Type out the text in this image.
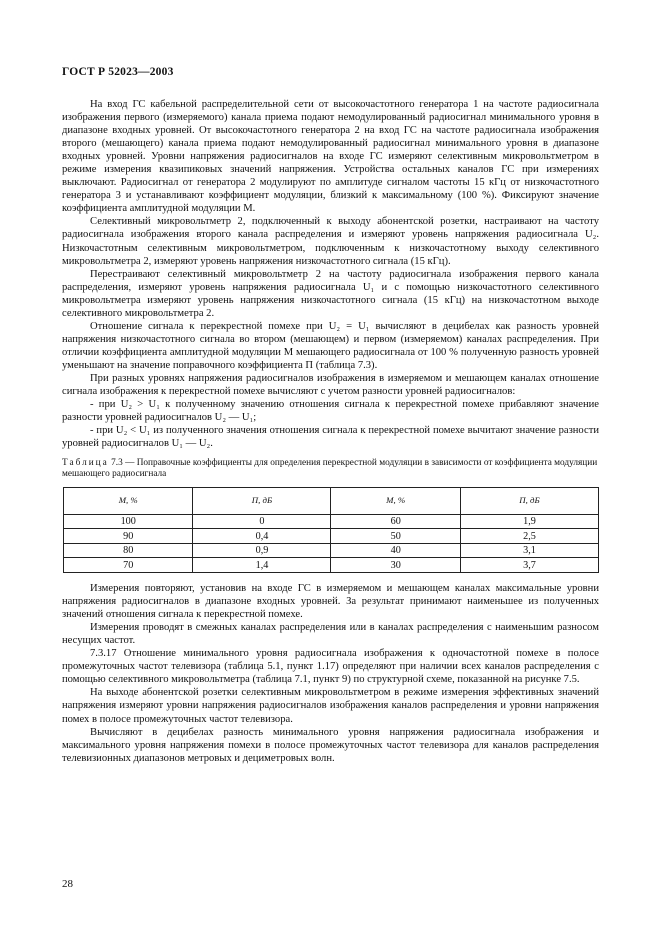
ГОСТ Р 52023—2003

На вход ГС кабельной распределительной сети от высокочастотного генератора 1 на частоте радиосигнала изображения первого (измеряемого) канала приема подают немодулированный радиосигнал минимального уровня в диапазоне входных уровней. От высокочастотного генератора 2 на вход ГС на частоте радиосигнала изображения второго (мешающего) канала приема подают немодулированный радиосигнал минимального уровня в диапазоне входных уровней. Уровни напряжения радиосигналов на входе ГС измеряют селективным микровольтметром в режиме измерения квазипиковых значений напряжения. Устройства остальных каналов ГС при измерениях выключают. Радиосигнал от генератора 2 модулируют по амплитуде сигналом частоты 15 кГц от низкочастотного генератора 3 и устанавливают коэффициент модуляции, близкий к максимальному (100 %). Фиксируют значение коэффициента амплитудной модуляции M.

Селективный микровольтметр 2, подключенный к выходу абонентской розетки, настраивают на частоту радиосигнала изображения второго канала распределения и измеряют уровень напряжения радиосигнала U₂. Низкочастотным селективным микровольтметром, подключенным к низкочастотному выходу селективного микровольтметра 2, измеряют уровень напряжения низкочастотного сигнала (15 кГц).

Перестраивают селективный микровольтметр 2 на частоту радиосигнала изображения первого канала распределения, измеряют уровень напряжения радиосигнала U₁ и с помощью низкочастотного селективного микровольтметра измеряют уровень напряжения низкочастотного сигнала (15 кГц) на низкочастотном выходе селективного микровольтметра 2.

Отношение сигнала к перекрестной помехе при U₂ = U₁ вычисляют в децибелах как разность уровней напряжения низкочастотного сигнала во втором (мешающем) и первом (измеряемом) каналах распределения. При отличии коэффициента амплитудной модуляции M мешающего радиосигнала от 100 % полученную разность уровней уменьшают на значение поправочного коэффициента П (таблица 7.3).

При разных уровнях напряжения радиосигналов изображения в измеряемом и мешающем каналах отношение сигнала изображения к перекрестной помехе вычисляют с учетом разности уровней радиосигналов:

- при U₂ > U₁ к полученному значению отношения сигнала к перекрестной помехе прибавляют значение разности уровней радиосигналов U₂ — U₁;

- при U₂ < U₁ из полученного значения отношения сигнала к перекрестной помехе вычитают значение разности уровней радиосигналов U₁ — U₂.

Таблица 7.3 — Поправочные коэффициенты для определения перекрестной модуляции в зависимости от коэффициента модуляции мешающего радиосигнала
M, %	П, дБ	M, %	П, дБ
100	0	60	1,9
90	0,4	50	2,5
80	0,9	40	3,1
70	1,4	30	3,7

Измерения повторяют, установив на входе ГС в измеряемом и мешающем каналах максимальные уровни напряжения радиосигналов в диапазоне входных уровней. За результат принимают наименьшее из полученных значений отношения сигнала к перекрестной помехе.

Измерения проводят в смежных каналах распределения или в каналах распределения с наименьшим разносом несущих частот.

7.3.17 Отношение минимального уровня радиосигнала изображения к одночастотной помехе в полосе промежуточных частот телевизора (таблица 5.1, пункт 1.17) определяют при наличии всех каналов распределения с помощью селективного микровольтметра (таблица 7.1, пункт 9) по структурной схеме, показанной на рисунке 7.5.

На выходе абонентской розетки селективным микровольтметром в режиме измерения эффективных значений напряжения измеряют уровни напряжения радиосигналов изображения каналов распределения и уровни напряжения помех в полосе промежуточных частот телевизора.

Вычисляют в децибелах разность минимального уровня напряжения радиосигнала изображения и максимального уровня напряжения помехи в полосе промежуточных частот телевизора для каналов распределения телевизионных диапазонов метровых и дециметровых волн.

28
